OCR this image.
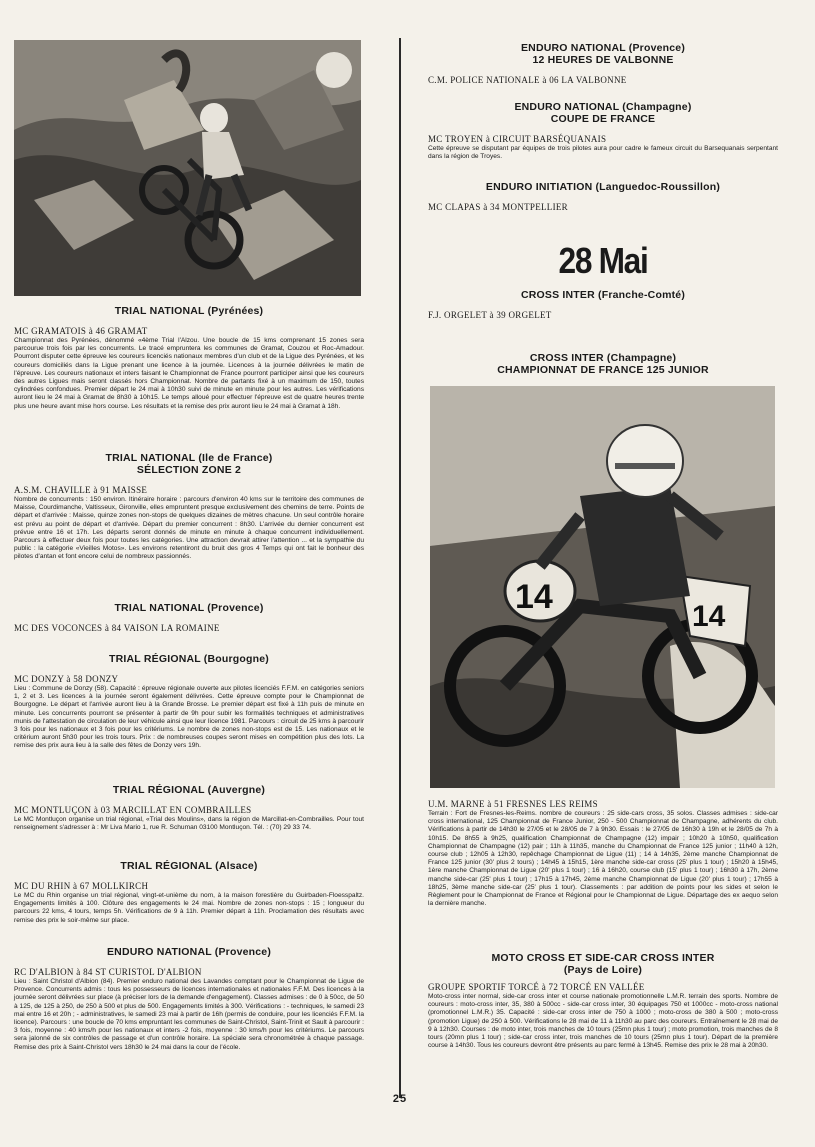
TRIAL NATIONAL (Pyrénées)

MC GRAMATOIS à 46 GRAMAT

Championnat des Pyrénées, dénommé «4ème Trial l'Alzou. Une boucle de 15 kms comprenant 15 zones sera parcourue trois fois par les concurrents. Le tracé empruntera les communes de Gramat, Couzou et Roc-Amadour. Pourront disputer cette épreuve les coureurs licenciés nationaux membres d'un club et de la Ligue des Pyrénées, et les coureurs domiciliés dans la Ligue prenant une licence à la journée. Licences à la journée délivrées le matin de l'épreuve. Les coureurs nationaux et inters faisant le Championnat de France pourront participer ainsi que les coureurs des autres Ligues mais seront classés hors Championnat. Nombre de partants fixé à un maximum de 150, toutes cylindrées confondues. Premier départ le 24 mai à 10h30 suivi de minute en minute pour les autres. Les vérifications auront lieu le 24 mai à Gramat de 8h30 à 10h15. Le temps alloué pour effectuer l'épreuve est de quatre heures trente plus une heure avant mise hors course. Les résultats et la remise des prix auront lieu le 24 mai à Gramat à 18h.

TRIAL NATIONAL (Ile de France)

SÉLECTION ZONE 2

A.S.M. CHAVILLE à 91 MAISSE

Nombre de concurrents : 150 environ. Itinéraire horaire : parcours d'environ 40 kms sur le territoire des communes de Maisse, Courdimanche, Valtisseux, Gironville, elles empruntent presque exclusivement des chemins de terre. Points de départ et d'arrivée : Maisse, quinze zones non-stops de quelques dizaines de mètres chacune. Un seul contrôle horaire est prévu au point de départ et d'arrivée. Départ du premier concurrent : 8h30. L'arrivée du dernier concurrent est prévue entre 16 et 17h. Les départs seront donnés de minute en minute à chaque concurrent individuellement. Parcours à effectuer deux fois pour toutes les catégories. Une attraction devrait attirer l'attention ... et la sympathie du public : la catégorie «Vieilles Motos». Les environs retentiront du bruit des gros 4 Temps qui ont fait le bonheur des pilotes d'antan et font encore celui de nombreux passionnés.

TRIAL NATIONAL (Provence)

MC DES VOCONCES à 84 VAISON LA ROMAINE

TRIAL RÉGIONAL (Bourgogne)

MC DONZY à 58 DONZY

Lieu : Commune de Donzy (58). Capacité : épreuve régionale ouverte aux pilotes licenciés F.F.M. en catégories seniors 1, 2 et 3. Les licences à la journée seront également délivrées. Cette épreuve compte pour le Championnat de Bourgogne. Le départ et l'arrivée auront lieu à la Grande Brosse. Le premier départ est fixé à 11h puis de minute en minute. Les concurrents pourront se présenter à partir de 9h pour subir les formalités techniques et administratives munis de l'attestation de circulation de leur véhicule ainsi que leur licence 1981. Parcours : circuit de 25 kms à parcourir 3 fois pour les nationaux et 3 fois pour les critériums. Le nombre de zones non-stops est de 15. Les nationaux et le critérium auront 5h30 pour les trois tours. Prix : de nombreuses coupes seront mises en compétition plus des lots. La remise des prix aura lieu à la salle des fêtes de Donzy vers 19h.

TRIAL RÉGIONAL (Auvergne)

MC MONTLUÇON à 03 MARCILLAT EN COMBRAILLES

Le MC Montluçon organise un trial régional, «Trial des Moulins», dans la région de Marcillat-en-Combrailles. Pour tout renseignement s'adresser à : Mr Liva Mario 1, rue R. Schuman 03100 Montluçon. Tél. : (70) 29 33 74.

TRIAL RÉGIONAL (Alsace)

MC DU RHIN à 67 MOLLKIRCH

Le MC du Rhin organise un trial régional, vingt-et-unième du nom, à la maison forestière du Guirbaden-Floesspaltz. Engagements limités à 100. Clôture des engagements le 24 mai. Nombre de zones non-stops : 15 ; longueur du parcours 22 kms, 4 tours, temps 5h. Vérifications de 9 à 11h. Premier départ à 11h. Proclamation des résultats avec remise des prix le soir-même sur place.

ENDURO NATIONAL (Provence)

RC D'ALBION à 84 ST CURISTOL D'ALBION

Lieu : Saint Christol d'Albion (84). Premier enduro national des Lavandes comptant pour le Championnat de Ligue de Provence. Concurrents admis : tous les possesseurs de licences internationales et nationales F.F.M. Des licences à la journée seront délivrées sur place (à préciser lors de la demande d'engagement). Classes admises : de 0 à 50cc, de 50 à 125, de 125 à 250, de 250 à 500 et plus de 500. Engagements limités à 300. Vérifications : - techniques, le samedi 23 mai entre 16 et 20h ; - administratives, le samedi 23 mai à partir de 16h (permis de conduire, pour les licenciés F.F.M. la licence). Parcours : une boucle de 70 kms empruntant les communes de Saint-Christol, Saint-Trinit et Sault à parcourir : 3 fois, moyenne : 40 kms/h pour les nationaux et inters -2 fois, moyenne : 30 kms/h pour les critériums. Le parcours sera jalonné de six contrôles de passage et d'un contrôle horaire. La spéciale sera chronométrée à chaque passage. Remise des prix à Saint-Christol vers 18h30 le 24 mai dans la cour de l'école.

ENDURO NATIONAL (Provence)

12 HEURES DE VALBONNE

C.M. POLICE NATIONALE à 06 LA VALBONNE

ENDURO NATIONAL (Champagne)

COUPE DE FRANCE

MC TROYEN à CIRCUIT BARSÉQUANAIS

Cette épreuve se disputant par équipes de trois pilotes aura pour cadre le fameux circuit du Barsequanais serpentant dans la région de Troyes.

ENDURO INITIATION (Languedoc-Roussillon)

MC CLAPAS à 34 MONTPELLIER
28 Mai

CROSS INTER (Franche-Comté)

F.J. ORGELET à 39 ORGELET

CROSS INTER (Champagne)

CHAMPIONNAT DE FRANCE 125 JUNIOR

14
14
U.M. MARNE à 51 FRESNES LES REIMS

Terrain : Fort de Fresnes-les-Reims. nombre de coureurs : 25 side-cars cross, 35 solos. Classes admises : side-car cross international, 125 Championnat de France Junior, 250 - 500 Championnat de Champagne, adhérents du club. Vérifications à partir de 14h30 le 27/05 et le 28/05 de 7 à 9h30. Essais : le 27/05 de 16h30 à 19h et le 28/05 de 7h à 10h15. De 8h55 à 9h25, qualification Championnat de Champagne (12) impair ; 10h20 à 10h50, qualification Championnat de Champagne (12) pair ; 11h à 11h35, manche du Championnat de France 125 junior ; 11h40 à 12h, course club ; 12h05 à 12h30, repêchage Championnat de Ligue (11) ; 14 à 14h35, 2ème manche Championnat de France 125 junior (30' plus 2 tours) ; 14h45 à 15h15, 1ère manche side-car cross (25' plus 1 tour) ; 15h20 à 15h45, 1ère manche Championnat de Ligue (20' plus 1 tour) ; 16 à 16h20, course club (15' plus 1 tour) ; 16h30 à 17h, 2ème manche side-car (25' plus 1 tour) ; 17h15 à 17h45, 2ème manche Championnat de Ligue (20' plus 1 tour) ; 17h55 à 18h25, 3ème manche side-car (25' plus 1 tour). Classements : par addition de points pour les sides et selon le Règlement pour le Championnat de France et Régional pour le Championnat de Ligue. Départage des ex aequo selon la dernière manche.

MOTO CROSS ET SIDE-CAR CROSS INTER

(Pays de Loire)

GROUPE SPORTIF TORCÉ à 72 TORCÉ EN VALLÉE

Moto-cross inter normal, side-car cross inter et course nationale promotionnelle L.M.R. terrain des sports. Nombre de coureurs : moto-cross inter, 35, 380 à 500cc - side-car cross inter, 30 équipages 750 et 1000cc - moto-cross national (promotionnel L.M.R.) 35. Capacité : side-car cross inter de 750 à 1000 ; moto-cross de 380 à 500 ; moto-cross (promotion Ligue) de 250 à 500. Vérifications le 28 mai de 11 à 11h30 au parc des coureurs. Entraînement le 28 mai de 9 à 12h30. Courses : de moto inter, trois manches de 10 tours (25mn plus 1 tour) ; moto promotion, trois manches de 8 tours (20mn plus 1 tour) ; side-car cross inter, trois manches de 10 tours (25mn plus 1 tour). Départ de la première course à 14h30. Tous les coureurs devront être présents au parc fermé à 13h45. Remise des prix le 28 mai à 20h30.

25
